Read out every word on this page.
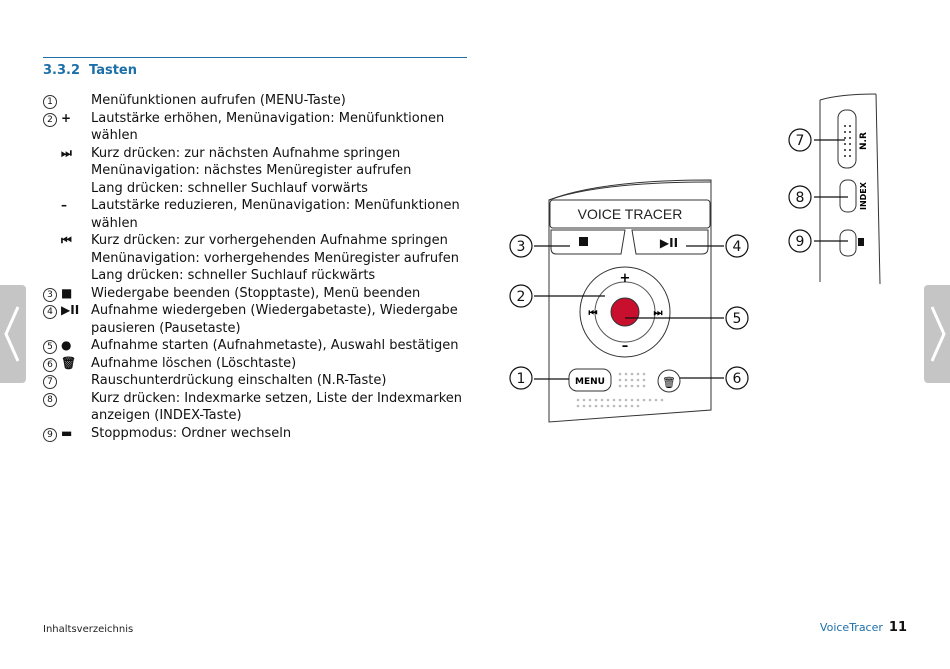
3.3.2 Tasten
1	Menüfunktionen aufrufen (MENU-Taste)
2 +	Lautstärke erhöhen, Menünavigation: Menüfunktionen wählen
⏭	Kurz drücken: zur nächsten Aufnahme springen
Menünavigation: nächstes Menüregister aufrufen
Lang drücken: schneller Suchlauf vorwärts
–	Lautstärke reduzieren, Menünavigation: Menüfunktionen wählen
⏮	Kurz drücken: zur vorhergehenden Aufnahme springen
Menünavigation: vorhergehendes Menüregister aufrufen
Lang drücken: schneller Suchlauf rückwärts
3 ■	Wiedergabe beenden (Stopptaste), Menü beenden
4 ▶II Aufnahme wiedergeben (Wiedergabetaste), Wiedergabe pausieren (Pausetaste)
5 ●	Aufnahme starten (Aufnahmetaste), Auswahl bestätigen
6 🗑	Aufnahme löschen (Löschtaste)
7	Rauschunterdrückung einschalten (N.R-Taste)
8	Kurz drücken: Indexmarke setzen, Liste der Indexmarken anzeigen (INDEX-Taste)
9 ▬	Stoppmodus: Ordner wechseln
VOICE TRACER
▶II
+
–
⏮	⏭
MENU	🗑
N.R
INDEX
1
2
3	4
5
6
7
8
9
Inhaltsverzeichnis	VoiceTracer 11
